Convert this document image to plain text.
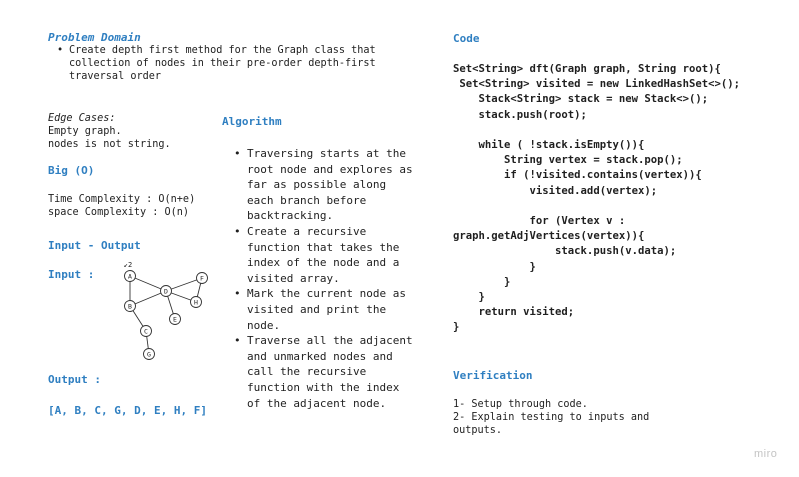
Problem Domain
• Create depth first method for the Graph class that collection of nodes in their pre-order depth-first traversal order
Edge Cases:
Empty graph.
nodes is not string.
Big (O)
Time Complexity : O(n+e)
space Complexity : O(n)
Input - Output
Input :	A
B
C
D
E
F
G
H
↙2
Output :
[A, B, C, G, D, E, H, F]
Algorithm
• Traversing starts at the root node and explores as far as possible along each branch before backtracking.
• Create a recursive function that takes the index of the node and a visited array.
• Mark the current node as visited and print the node.
• Traverse all the adjacent and unmarked nodes and call the recursive function with the index of the adjacent node.
Code
Set<String> dft(Graph graph, String root){
Set<String> visited = new LinkedHashSet<>();
Stack<String> stack = new Stack<>();
stack.push(root);

while ( !stack.isEmpty()){
String vertex = stack.pop();
if (!visited.contains(vertex)){
visited.add(vertex);

for (Vertex v :
graph.getAdjVertices(vertex)){
stack.push(v.data);
}
}
}
return visited;
}
Verification
1- Setup through code.
2- Explain testing to inputs and outputs.
miro
